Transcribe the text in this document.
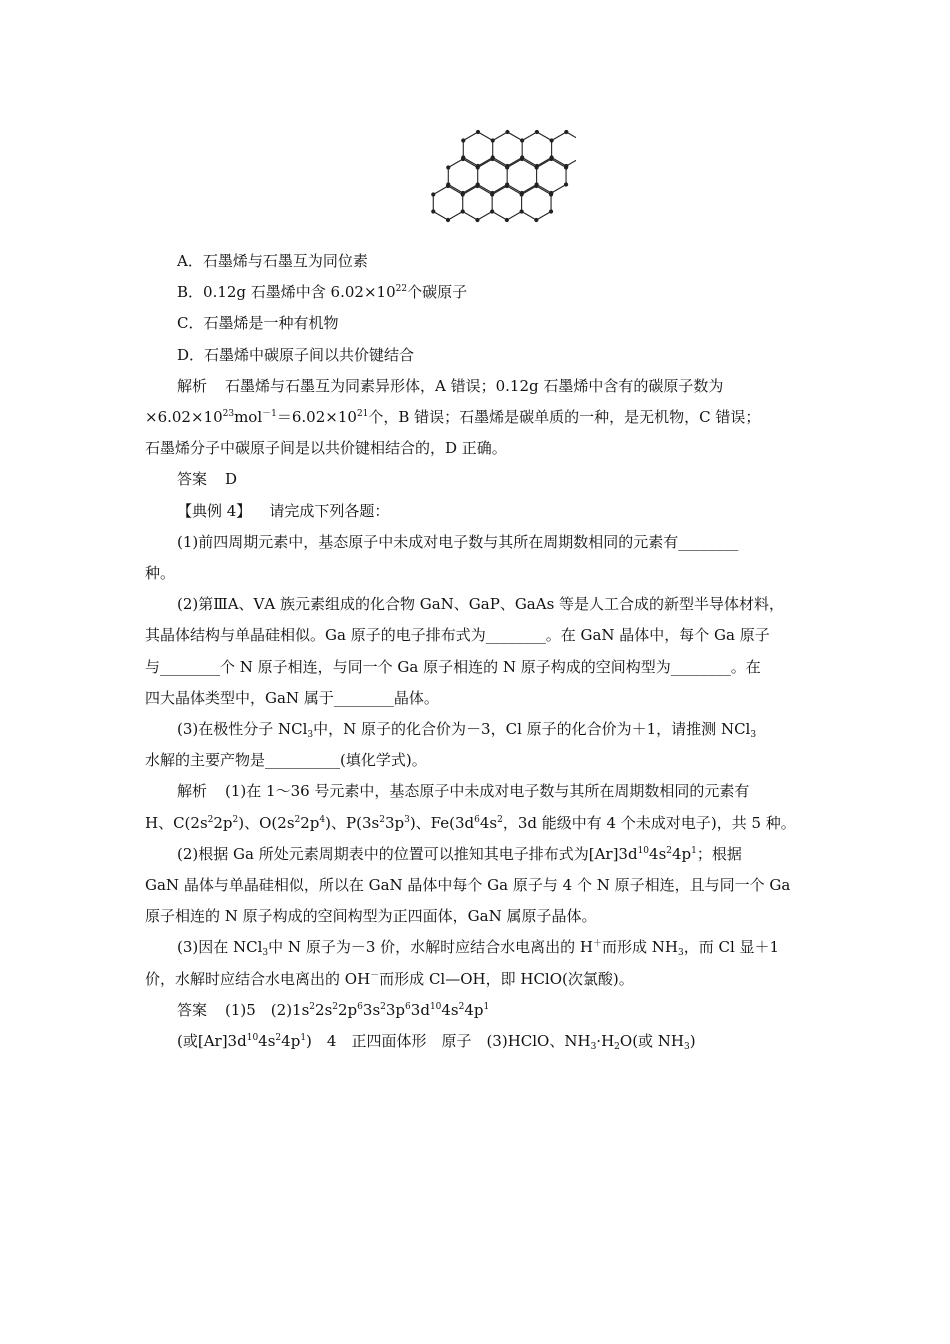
A．石墨烯与石墨互为同位素

B．0.12g 石墨烯中含 $6.02\times 10^{22}$个碳原子

C．石墨烯是一种有机物

D．石墨烯中碳原子间以共价键结合

解析 石墨烯与石墨互为同素异形体，A 错误；0.12g 石墨烯中含有的碳原子数为

$\times 6.02\times 10^{23}mol^{-1}=6.02\times 10^{21}$个，B 错误；石墨烯是碳单质的一种，是无机物，C 错误；

石墨烯分子中碳原子间是以共价键相结合的，D 正确。

答案 D

【典例 4】 请完成下列各题：

(1)前四周期元素中，基态原子中未成对电子数与其所在周期数相同的元素有________

种。

(2)第ⅢA、ⅤA 族元素组成的化合物 GaN、GaP、GaAs 等是人工合成的新型半导体材料，

其晶体结构与单晶硅相似。Ga 原子的电子排布式为________。在 GaN 晶体中，每个 Ga 原子

与________个 N 原子相连，与同一个 Ga 原子相连的 N 原子构成的空间构型为________。在

四大晶体类型中，GaN 属于________晶体。

(3)在极性分子 NCl$_3$中，N 原子的化合价为－3，Cl 原子的化合价为＋1，请推测 NCl$_3$

水解的主要产物是__________(填化学式)。

解析 (1)在 1～36 号元素中，基态原子中未成对电子数与其所在周期数相同的元素有

H、$C(2s^22p^2)$、$O(2s^22p^4)$、$P(3s^23p^3)$、$Fe(3d^64s^2$，3d 能级中有 4 个未成对电子)，共 5 种。

(2)根据 Ga 所处元素周期表中的位置可以推知其电子排布式为$[Ar]3d^{10}4s^24p^1$；根据

GaN 晶体与单晶硅相似，所以在 GaN 晶体中每个 Ga 原子与 4 个 N 原子相连，且与同一个 Ga

原子相连的 N 原子构成的空间构型为正四面体，GaN 属原子晶体。

(3)因在 NCl$_3$中 N 原子为－3 价，水解时应结合水电离出的 H＋而形成 $NH_3$，而 Cl 显＋1

价，水解时应结合水电离出的 OH－而形成 Cl—OH，即 HClO(次氯酸)。

答案 (1)5　$(2)1s^22s^22p^63s^23p^63d^{10}4s^24p^1$

(或$[Ar]3d^{10}4s^24p^1$)　4　正四面体形　原子　(3)HClO、$NH_3\cdot H_2O$(或 $NH_3$)
